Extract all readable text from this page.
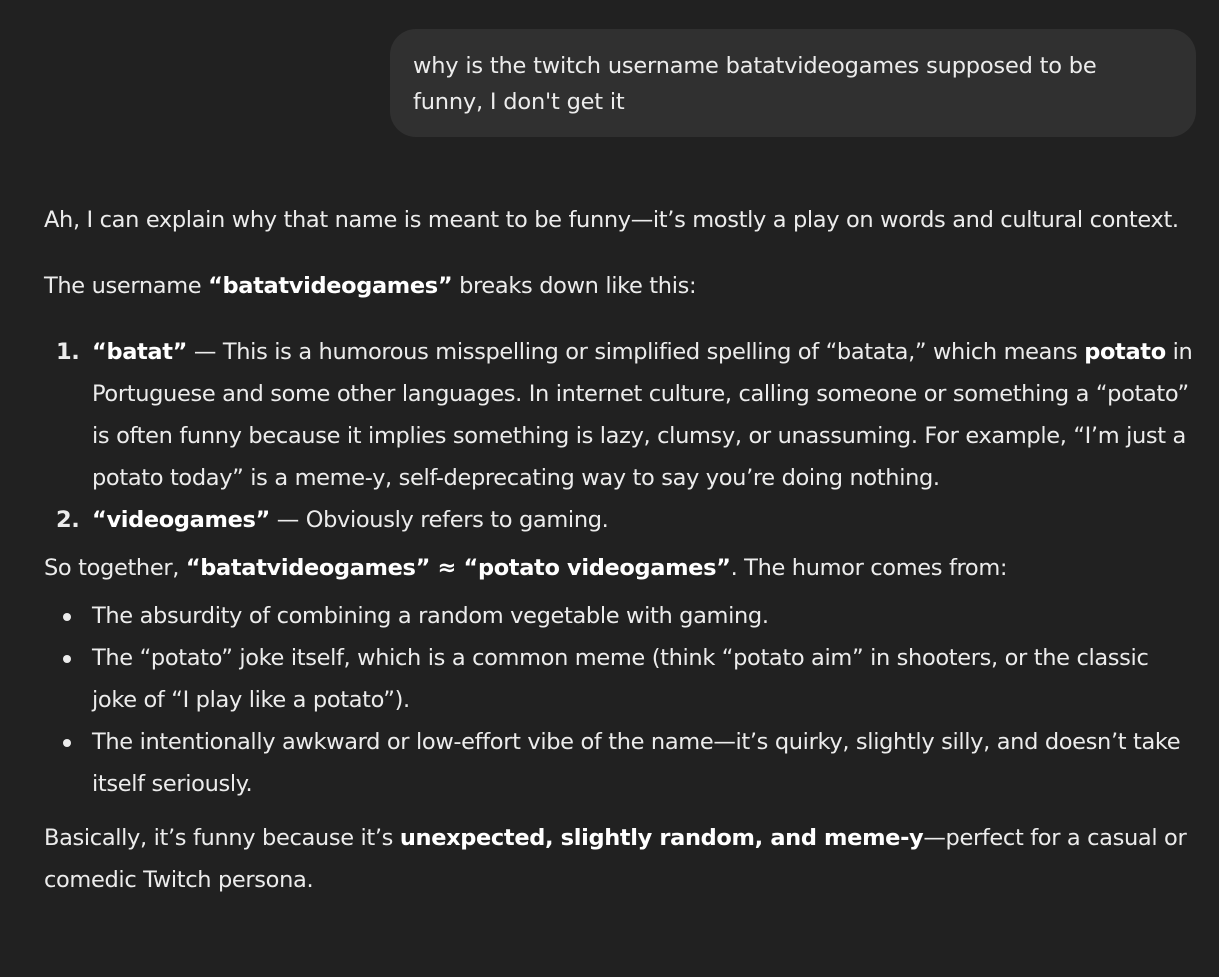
why is the twitch username batatvideogames supposed to be
funny, I don't get it

Ah, I can explain why that name is meant to be funny—it’s mostly a play on words and cultural context.

The username “batatvideogames” breaks down like this:

1. “batat” — This is a humorous misspelling or simplified spelling of “batata,” which means potato in Portuguese and some other languages. In internet culture, calling someone or something a “potato” is often funny because it implies something is lazy, clumsy, or unassuming. For example, “I’m just a potato today” is a meme-y, self-deprecating way to say you’re doing nothing.
2. “videogames” — Obviously refers to gaming.

So together, “batatvideogames” ≈ “potato videogames”. The humor comes from:

The absurdity of combining a random vegetable with gaming.
The “potato” joke itself, which is a common meme (think “potato aim” in shooters, or the classic joke of “I play like a potato”).
The intentionally awkward or low-effort vibe of the name—it’s quirky, slightly silly, and doesn’t take itself seriously.

Basically, it’s funny because it’s unexpected, slightly random, and meme-y—perfect for a casual or comedic Twitch persona.
